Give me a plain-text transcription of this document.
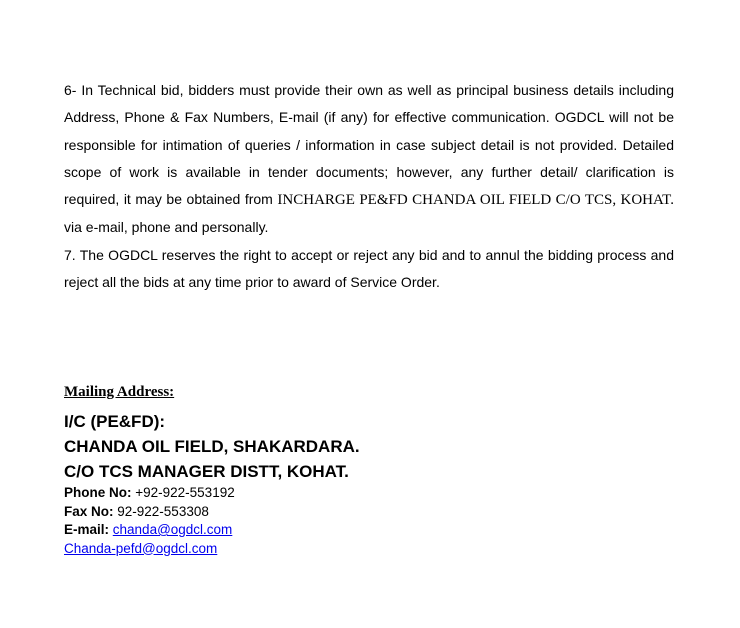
6- In Technical bid, bidders must provide their own as well as principal business details including Address, Phone & Fax Numbers, E-mail (if any) for effective communication. OGDCL will not be responsible for intimation of queries / information in case subject detail is not provided. Detailed scope of work is available in tender documents; however, any further detail/ clarification is required, it may be obtained from INCHARGE PE&FD CHANDA OIL FIELD C/O TCS, KOHAT. via e-mail, phone and personally.

7. The OGDCL reserves the right to accept or reject any bid and to annul the bidding process and reject all the bids at any time prior to award of Service Order.

Mailing Address:

I/C (PE&FD):

CHANDA OIL FIELD, SHAKARDARA.

C/O TCS MANAGER DISTT, KOHAT.

Phone No: +92-922-553192

Fax No: 92-922-553308

E-mail: chanda@ogdcl.com

Chanda-pefd@ogdcl.com
